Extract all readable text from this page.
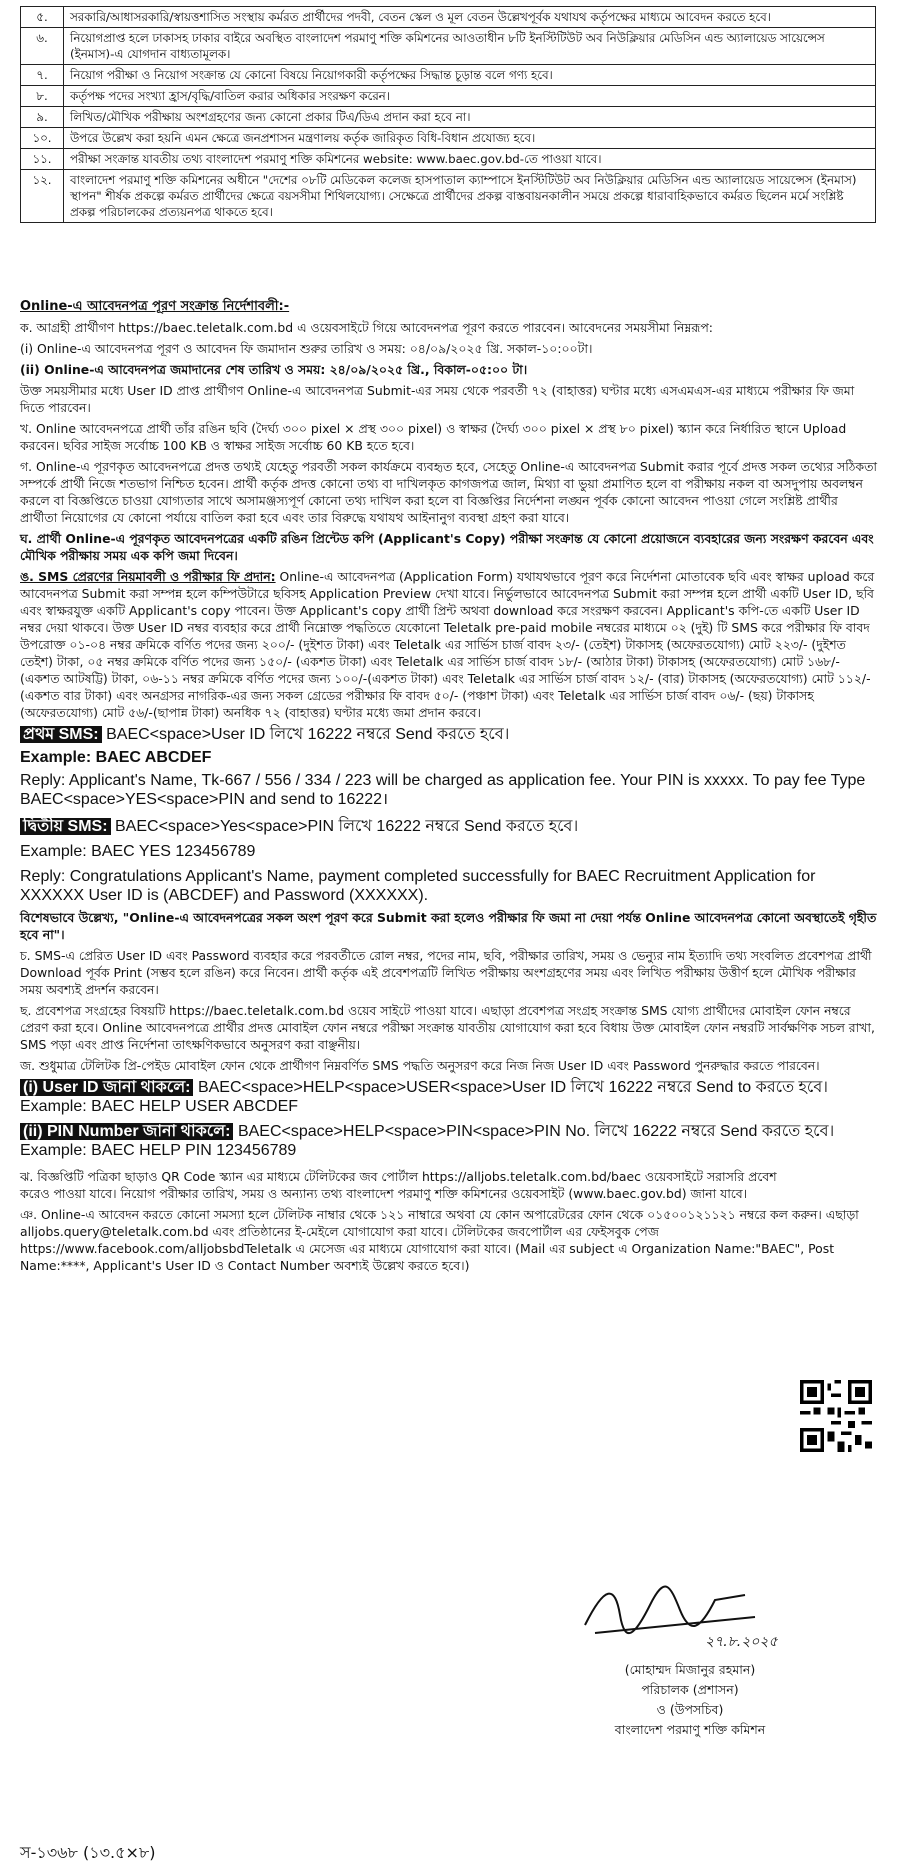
৫.	সরকারি/আধাসরকারি/স্বায়ত্তশাসিত সংস্থায় কর্মরত প্রার্থীদের পদবী, বেতন স্কেল ও মূল বেতন উল্লেখপূর্বক যথাযথ কর্তৃপক্ষের মাধ্যমে আবেদন করতে হবে।
৬.	নিয়োগপ্রাপ্ত হলে ঢাকাসহ ঢাকার বাইরে অবস্থিত বাংলাদেশ পরমাণু শক্তি কমিশনের আওতাধীন ৮টি ইনস্টিটিউট অব নিউক্লিয়ার মেডিসিন এন্ড অ্যালায়েড সায়েন্সেস (ইনমাস)-এ যোগদান বাধ্যতামূলক।
৭.	নিয়োগ পরীক্ষা ও নিয়োগ সংক্রান্ত যে কোনো বিষয়ে নিয়োগকারী কর্তৃপক্ষের সিদ্ধান্ত চূড়ান্ত বলে গণ্য হবে।
৮.	কর্তৃপক্ষ পদের সংখ্যা হ্রাস/বৃদ্ধি/বাতিল করার অধিকার সংরক্ষণ করেন।
৯.	লিখিত/মৌখিক পরীক্ষায় অংশগ্রহণের জন্য কোনো প্রকার টিএ/ডিএ প্রদান করা হবে না।
১০.	উপরে উল্লেখ করা হয়নি এমন ক্ষেত্রে জনপ্রশাসন মন্ত্রণালয় কর্তৃক জারিকৃত বিধি-বিধান প্রযোজ্য হবে।
১১.	পরীক্ষা সংক্রান্ত যাবতীয় তথ্য বাংলাদেশ পরমাণু শক্তি কমিশনের website: www.baec.gov.bd-তে পাওয়া যাবে।
১২.	বাংলাদেশ পরমাণু শক্তি কমিশনের অধীনে "দেশের ০৮টি মেডিকেল কলেজ হাসপাতাল ক্যাম্পাসে ইনস্টিটিউট অব নিউক্লিয়ার মেডিসিন এন্ড অ্যালায়েড সায়েন্সেস (ইনমাস) স্থাপন" শীর্ষক প্রকল্পে কর্মরত প্রার্থীদের ক্ষেত্রে বয়সসীমা শিথিলযোগ্য। সেক্ষেত্রে প্রার্থীদের প্রকল্প বাস্তবায়নকালীন সময়ে প্রকল্পে ধারাবাহিকভাবে কর্মরত ছিলেন মর্মে সংশ্লিষ্ট প্রকল্প পরিচালকের প্রত্যয়নপত্র থাকতে হবে।

Online-এ আবেদনপত্র পূরণ সংক্রান্ত নির্দেশাবলী:-

ক. আগ্রহী প্রার্থীগণ https://baec.teletalk.com.bd এ ওয়েবসাইটে গিয়ে আবেদনপত্র পূরণ করতে পারবেন। আবেদনের সময়সীমা নিম্নরূপ:

(i) Online-এ আবেদনপত্র পূরণ ও আবেদন ফি জমাদান শুরুর তারিখ ও সময়: ০৪/০৯/২০২৫ খ্রি. সকাল-১০:০০টা।

(ii) Online-এ আবেদনপত্র জমাদানের শেষ তারিখ ও সময়: ২৪/০৯/২০২৫ খ্রি., বিকাল-০৫:০০ টা।

উক্ত সময়সীমার মধ্যে User ID প্রাপ্ত প্রার্থীগণ Online-এ আবেদনপত্র Submit-এর সময় থেকে পরবর্তী ৭২ (বাহাত্তর) ঘণ্টার মধ্যে এসএমএস-এর মাধ্যমে পরীক্ষার ফি জমা দিতে পারবেন।

খ. Online আবেদনপত্রে প্রার্থী তাঁর রঙিন ছবি (দৈর্ঘ্য ৩০০ pixel × প্রস্থ ৩০০ pixel) ও স্বাক্ষর (দৈর্ঘ্য ৩০০ pixel × প্রস্থ ৮০ pixel) স্ক্যান করে নির্ধারিত স্থানে Upload করবেন। ছবির সাইজ সর্বোচ্চ 100 KB ও স্বাক্ষর সাইজ সর্বোচ্চ 60 KB হতে হবে।

গ. Online-এ পূরণকৃত আবেদনপত্রে প্রদত্ত তথ্যই যেহেতু পরবর্তী সকল কার্যক্রমে ব্যবহৃত হবে, সেহেতু Online-এ আবেদনপত্র Submit করার পূর্বে প্রদত্ত সকল তথ্যের সঠিকতা সম্পর্কে প্রার্থী নিজে শতভাগ নিশ্চিত হবেন। প্রার্থী কর্তৃক প্রদত্ত কোনো তথ্য বা দাখিলকৃত কাগজপত্র জাল, মিথ্যা বা ভুয়া প্রমাণিত হলে বা পরীক্ষায় নকল বা অসদুপায় অবলম্বন করলে বা বিজ্ঞপ্তিতে চাওয়া যোগ্যতার সাথে অসামঞ্জস্যপূর্ণ কোনো তথ্য দাখিল করা হলে বা বিজ্ঞপ্তির নির্দেশনা লঙ্ঘন পূর্বক কোনো আবেদন পাওয়া গেলে সংশ্লিষ্ট প্রার্থীর প্রার্থীতা নিয়োগের যে কোনো পর্যায়ে বাতিল করা হবে এবং তার বিরুদ্ধে যথাযথ আইনানুগ ব্যবস্থা গ্রহণ করা যাবে।

ঘ. প্রার্থী Online-এ পূরণকৃত আবেদনপত্রের একটি রঙিন প্রিন্টেড কপি (Applicant's Copy) পরীক্ষা সংক্রান্ত যে কোনো প্রয়োজনে ব্যবহারের জন্য সংরক্ষণ করবেন এবং মৌখিক পরীক্ষায় সময় এক কপি জমা দিবেন।

ঙ. SMS প্রেরণের নিয়মাবলী ও পরীক্ষার ফি প্রদান: Online-এ আবেদনপত্র (Application Form) যথাযথভাবে পূরণ করে নির্দেশনা মোতাবেক ছবি এবং স্বাক্ষর upload করে আবেদনপত্র Submit করা সম্পন্ন হলে কম্পিউটারে ছবিসহ Application Preview দেখা যাবে। নির্ভুলভাবে আবেদনপত্র Submit করা সম্পন্ন হলে প্রার্থী একটি User ID, ছবি এবং স্বাক্ষরযুক্ত একটি Applicant's copy পাবেন। উক্ত Applicant's copy প্রার্থী প্রিন্ট অথবা download করে সংরক্ষণ করবেন। Applicant's কপি-তে একটি User ID নম্বর দেয়া থাকবে। উক্ত User ID নম্বর ব্যবহার করে প্রার্থী নিম্নোক্ত পদ্ধতিতে যেকোনো Teletalk pre-paid mobile নম্বরের মাধ্যমে ০২ (দুই) টি SMS করে পরীক্ষার ফি বাবদ উপরোক্ত ০১-০৪ নম্বর ক্রমিকে বর্ণিত পদের জন্য ২০০/- (দুইশত টাকা) এবং Teletalk এর সার্ভিস চার্জ বাবদ ২৩/- (তেইশ) টাকাসহ (অফেরতযোগ্য) মোট ২২৩/- (দুইশত তেইশ) টাকা, ০৫ নম্বর ক্রমিকে বর্ণিত পদের জন্য ১৫০/- (একশত টাকা) এবং Teletalk এর সার্ভিস চার্জ বাবদ ১৮/- (আঠার টাকা) টাকাসহ (অফেরতযোগ্য) মোট ১৬৮/- (একশত আটষট্টি) টাকা, ০৬-১১ নম্বর ক্রমিকে বর্ণিত পদের জন্য ১০০/-(একশত টাকা) এবং Teletalk এর সার্ভিস চার্জ বাবদ ১২/- (বার) টাকাসহ (অফেরতযোগ্য) মোট ১১২/- (একশত বার টাকা) এবং অনগ্রসর নাগরিক-এর জন্য সকল গ্রেডের পরীক্ষার ফি বাবদ ৫০/- (পঞ্চাশ টাকা) এবং Teletalk এর সার্ভিস চার্জ বাবদ ০৬/- (ছয়) টাকাসহ (অফেরতযোগ্য) মোট ৫৬/-(ছাপান্ন টাকা) অনধিক ৭২ (বাহাত্তর) ঘণ্টার মধ্যে জমা প্রদান করবে।

প্রথম SMS: BAEC<space>User ID লিখে 16222 নম্বরে Send করতে হবে।

Example: BAEC ABCDEF

Reply: Applicant's Name, Tk-667 / 556 / 334 / 223 will be charged as application fee. Your PIN is xxxxx. To pay fee Type BAEC<space>YES<space>PIN and send to 16222।

দ্বিতীয় SMS: BAEC<space>Yes<space>PIN লিখে 16222 নম্বরে Send করতে হবে।

Example: BAEC YES 123456789

Reply: Congratulations Applicant's Name, payment completed successfully for BAEC Recruitment Application for XXXXXX User ID is (ABCDEF) and Password (XXXXXX).

বিশেষভাবে উল্লেখ্য, "Online-এ আবেদনপত্রের সকল অংশ পূরণ করে Submit করা হলেও পরীক্ষার ফি জমা না দেয়া পর্যন্ত Online আবেদনপত্র কোনো অবস্থাতেই গৃহীত হবে না"।

চ. SMS-এ প্রেরিত User ID এবং Password ব্যবহার করে পরবর্তীতে রোল নম্বর, পদের নাম, ছবি, পরীক্ষার তারিখ, সময় ও ভেন্যুর নাম ইত্যাদি তথ্য সংবলিত প্রবেশপত্র প্রার্থী Download পূর্বক Print (সম্ভব হলে রঙিন) করে নিবেন। প্রার্থী কর্তৃক এই প্রবেশপত্রটি লিখিত পরীক্ষায় অংশগ্রহণের সময় এবং লিখিত পরীক্ষায় উত্তীর্ণ হলে মৌখিক পরীক্ষার সময় অবশ্যই প্রদর্শন করবেন।

ছ. প্রবেশপত্র সংগ্রহের বিষয়টি https://baec.teletalk.com.bd ওয়েব সাইটে পাওয়া যাবে। এছাড়া প্রবেশপত্র সংগ্রহ সংক্রান্ত SMS যোগ্য প্রার্থীদের মোবাইল ফোন নম্বরে প্রেরণ করা হবে। Online আবেদনপত্রে প্রার্থীর প্রদত্ত মোবাইল ফোন নম্বরে পরীক্ষা সংক্রান্ত যাবতীয় যোগাযোগ করা হবে বিধায় উক্ত মোবাইল ফোন নম্বরটি সার্বক্ষণিক সচল রাখা, SMS পড়া এবং প্রাপ্ত নির্দেশনা তাৎক্ষণিকভাবে অনুসরণ করা বাঞ্ছনীয়।

জ. শুধুমাত্র টেলিটক প্রি-পেইড মোবাইল ফোন থেকে প্রার্থীগণ নিম্নবর্ণিত SMS পদ্ধতি অনুসরণ করে নিজ নিজ User ID এবং Password পুনরুদ্ধার করতে পারবেন।

(i) User ID জানা থাকলে: BAEC<space>HELP<space>USER<space>User ID লিখে 16222 নম্বরে Send to করতে হবে। Example: BAEC HELP USER ABCDEF

(ii) PIN Number জানা থাকলে: BAEC<space>HELP<space>PIN<space>PIN No. লিখে 16222 নম্বরে Send করতে হবে। Example: BAEC HELP PIN 123456789

ঝ. বিজ্ঞপ্তিটি পত্রিকা ছাড়াও QR Code স্ক্যান এর মাধ্যমে টেলিটকের জব পোর্টাল https://alljobs.teletalk.com.bd/baec ওয়েবসাইটে সরাসরি প্রবেশ করেও পাওয়া যাবে। নিয়োগ পরীক্ষার তারিখ, সময় ও অন্যান্য তথ্য বাংলাদেশ পরমাণু শক্তি কমিশনের ওয়েবসাইট (www.baec.gov.bd) জানা যাবে।

ঞ. Online-এ আবেদন করতে কোনো সমস্যা হলে টেলিটক নাম্বার থেকে ১২১ নাম্বারে অথবা যে কোন অপারেটরের ফোন থেকে ০১৫০০১২১১২১ নম্বরে কল করুন। এছাড়া alljobs.query@teletalk.com.bd এবং প্রতিষ্ঠানের ই-মেইলে যোগাযোগ করা যাবে। টেলিটকের জবপোর্টাল এর ফেইসবুক পেজ https://www.facebook.com/alljobsbdTeletalk এ মেসেজ এর মাধ্যমে যোগাযোগ করা যাবে। (Mail এর subject এ Organization Name:"BAEC", Post Name:****, Applicant's User ID ও Contact Number অবশ্যই উল্লেখ করতে হবে।)

২৭.৮.২০২৫
(মোহাম্মদ মিজানুর রহমান)
পরিচালক (প্রশাসন)
ও (উপসচিব)
বাংলাদেশ পরমাণু শক্তি কমিশন
স-১৩৬৮ (১৩.৫×৮)
